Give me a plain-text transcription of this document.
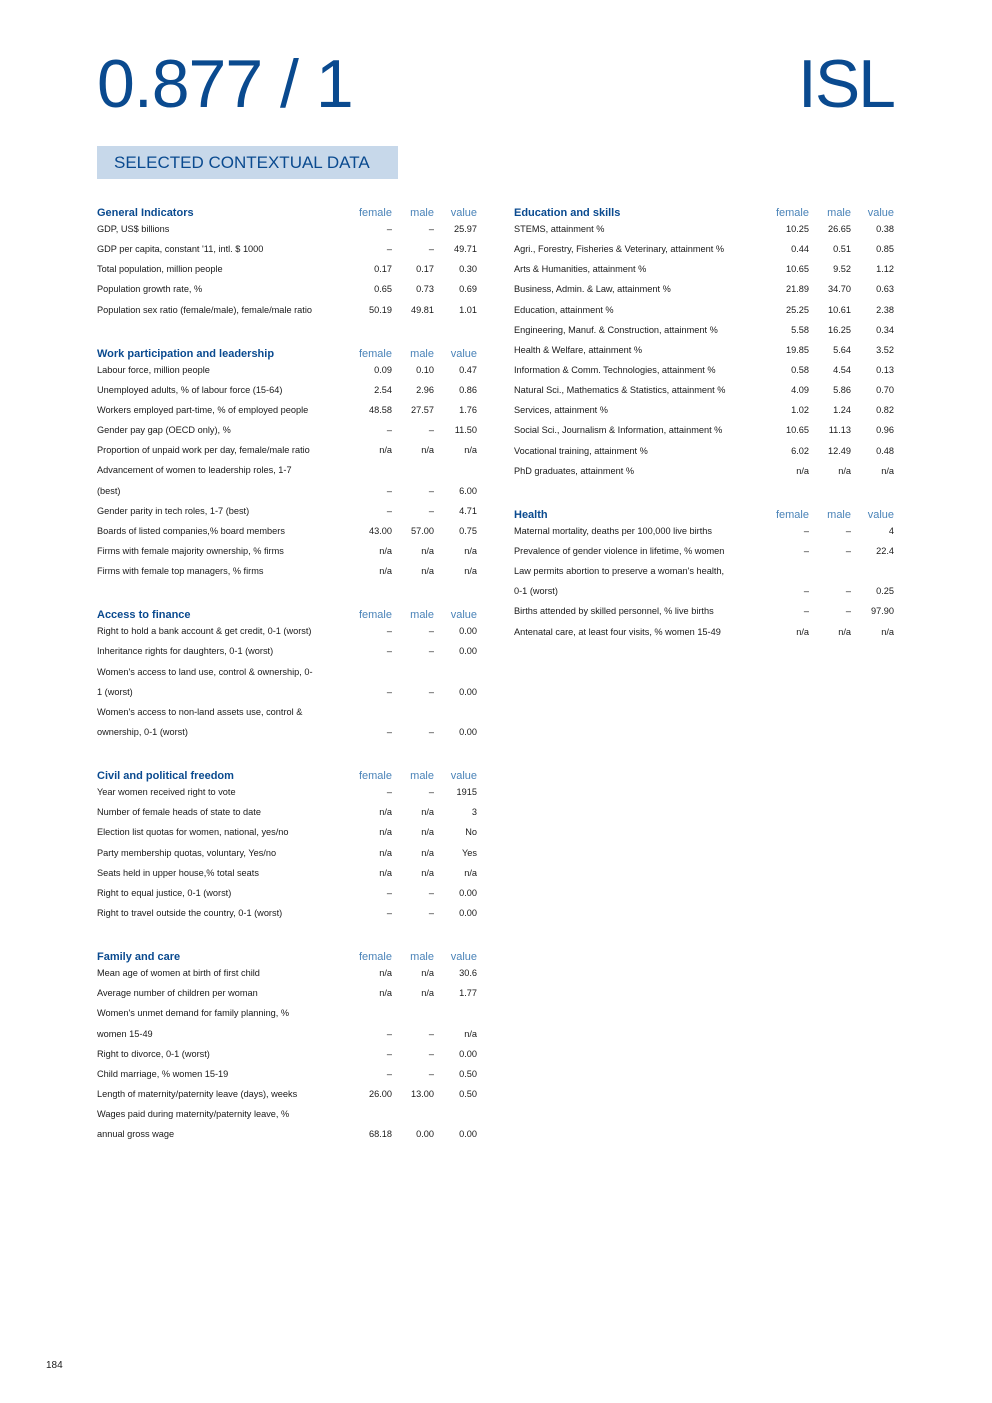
0.877 / 1	ISL
SELECTED CONTEXTUAL DATA
General Indicators	female	male	value
GDP, US$ billions	–	–	25.97
GDP per capita, constant '11, intl. $ 1000	–	–	49.71
Total population, million people	0.17	0.17	0.30
Population growth rate, %	0.65	0.73	0.69
Population sex ratio (female/male), female/male ratio	50.19	49.81	1.01
Work participation and leadership	female	male	value
Labour force, million people	0.09	0.10	0.47
Unemployed adults, % of labour force (15-64)	2.54	2.96	0.86
Workers employed part-time, % of employed people	48.58	27.57	1.76
Gender pay gap (OECD only), %	–	–	11.50
Proportion of unpaid work per day, female/male ratio	n/a	n/a	n/a
Advancement of women to leadership roles, 1-7
(best)	–	–	6.00
Gender parity in tech roles, 1-7 (best)	–	–	4.71
Boards of listed companies,% board members	43.00	57.00	0.75
Firms with female majority ownership, % firms	n/a	n/a	n/a
Firms with female top managers, % firms	n/a	n/a	n/a
Access to finance	female	male	value
Right to hold a bank account & get credit, 0-1 (worst)	–	–	0.00
Inheritance rights for daughters, 0-1 (worst)	–	–	0.00
Women's access to land use, control & ownership, 0-
1 (worst)	–	–	0.00
Women's access to non-land assets use, control &
ownership, 0-1 (worst)	–	–	0.00
Civil and political freedom	female	male	value
Year women received right to vote	–	–	1915
Number of female heads of state to date	n/a	n/a	3
Election list quotas for women, national, yes/no	n/a	n/a	No
Party membership quotas, voluntary, Yes/no	n/a	n/a	Yes
Seats held in upper house,% total seats	n/a	n/a	n/a
Right to equal justice, 0-1 (worst)	–	–	0.00
Right to travel outside the country, 0-1 (worst)	–	–	0.00
Family and care	female	male	value
Mean age of women at birth of first child	n/a	n/a	30.6
Average number of children per woman	n/a	n/a	1.77
Women's unmet demand for family planning, %
women 15-49	–	–	n/a
Right to divorce, 0-1 (worst)	–	–	0.00
Child marriage, % women 15-19	–	–	0.50
Length of maternity/paternity leave (days), weeks	26.00	13.00	0.50
Wages paid during maternity/paternity leave, %
annual gross wage	68.18	0.00	0.00
Education and skills	female	male	value
STEMS, attainment %	10.25	26.65	0.38
Agri., Forestry, Fisheries & Veterinary, attainment %	0.44	0.51	0.85
Arts & Humanities, attainment %	10.65	9.52	1.12
Business, Admin. & Law, attainment %	21.89	34.70	0.63
Education, attainment %	25.25	10.61	2.38
Engineering, Manuf. & Construction, attainment %	5.58	16.25	0.34
Health & Welfare, attainment %	19.85	5.64	3.52
Information & Comm. Technologies, attainment %	0.58	4.54	0.13
Natural Sci., Mathematics & Statistics, attainment %	4.09	5.86	0.70
Services, attainment %	1.02	1.24	0.82
Social Sci., Journalism & Information, attainment %	10.65	11.13	0.96
Vocational training, attainment %	6.02	12.49	0.48
PhD graduates, attainment %	n/a	n/a	n/a
Health	female	male	value
Maternal mortality, deaths per 100,000 live births	–	–	4
Prevalence of gender violence in lifetime, % women	–	–	22.4
Law permits abortion to preserve a woman's health,
0-1 (worst)	–	–	0.25
Births attended by skilled personnel, % live births	–	–	97.90
Antenatal care, at least four visits, % women 15-49	n/a	n/a	n/a
184
